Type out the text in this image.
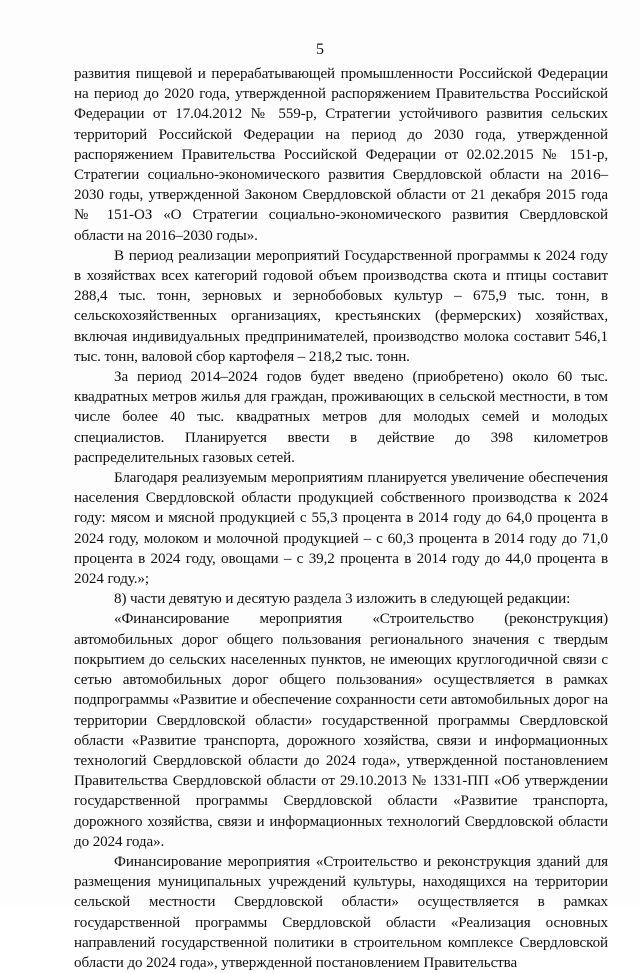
5

развития пищевой и перерабатывающей промышленности Российской Федерации на период до 2020 года, утвержденной распоряжением Правительства Российской Федерации от 17.04.2012 № 559-р, Стратегии устойчивого развития сельских территорий Российской Федерации на период до 2030 года, утвержденной распоряжением Правительства Российской Федерации от 02.02.2015 № 151-р, Стратегии социально-экономического развития Свердловской области на 2016–2030 годы, утвержденной Законом Свердловской области от 21 декабря 2015 года № 151-ОЗ «О Стратегии социально-экономического развития Свердловской области на 2016–2030 годы».

В период реализации мероприятий Государственной программы к 2024 году в хозяйствах всех категорий годовой объем производства скота и птицы составит 288,4 тыс. тонн, зерновых и зернобобовых культур – 675,9 тыс. тонн, в сельскохозяйственных организациях, крестьянских (фермерских) хозяйствах, включая индивидуальных предпринимателей, производство молока составит 546,1 тыс. тонн, валовой сбор картофеля – 218,2 тыс. тонн.

За период 2014–2024 годов будет введено (приобретено) около 60 тыс. квадратных метров жилья для граждан, проживающих в сельской местности, в том числе более 40 тыс. квадратных метров для молодых семей и молодых специалистов. Планируется ввести в действие до 398 километров распределительных газовых сетей.

Благодаря реализуемым мероприятиям планируется увеличение обеспечения населения Свердловской области продукцией собственного производства к 2024 году: мясом и мясной продукцией с 55,3 процента в 2014 году до 64,0 процента в 2024 году, молоком и молочной продукцией – с 60,3 процента в 2014 году до 71,0 процента в 2024 году, овощами – с 39,2 процента в 2014 году до 44,0 процента в 2024 году.»;

8) части девятую и десятую раздела 3 изложить в следующей редакции:

«Финансирование мероприятия «Строительство (реконструкция) автомобильных дорог общего пользования регионального значения с твердым покрытием до сельских населенных пунктов, не имеющих круглогодичной связи с сетью автомобильных дорог общего пользования» осуществляется в рамках подпрограммы «Развитие и обеспечение сохранности сети автомобильных дорог на территории Свердловской области» государственной программы Свердловской области «Развитие транспорта, дорожного хозяйства, связи и информационных технологий Свердловской области до 2024 года», утвержденной постановлением Правительства Свердловской области от 29.10.2013 № 1331-ПП «Об утверждении государственной программы Свердловской области «Развитие транспорта, дорожного хозяйства, связи и информационных технологий Свердловской области до 2024 года».

Финансирование мероприятия «Строительство и реконструкция зданий для размещения муниципальных учреждений культуры, находящихся на территории сельской местности Свердловской области» осуществляется в рамках государственной программы Свердловской области «Реализация основных направлений государственной политики в строительном комплексе Свердловской области до 2024 года», утвержденной постановлением Правительства
